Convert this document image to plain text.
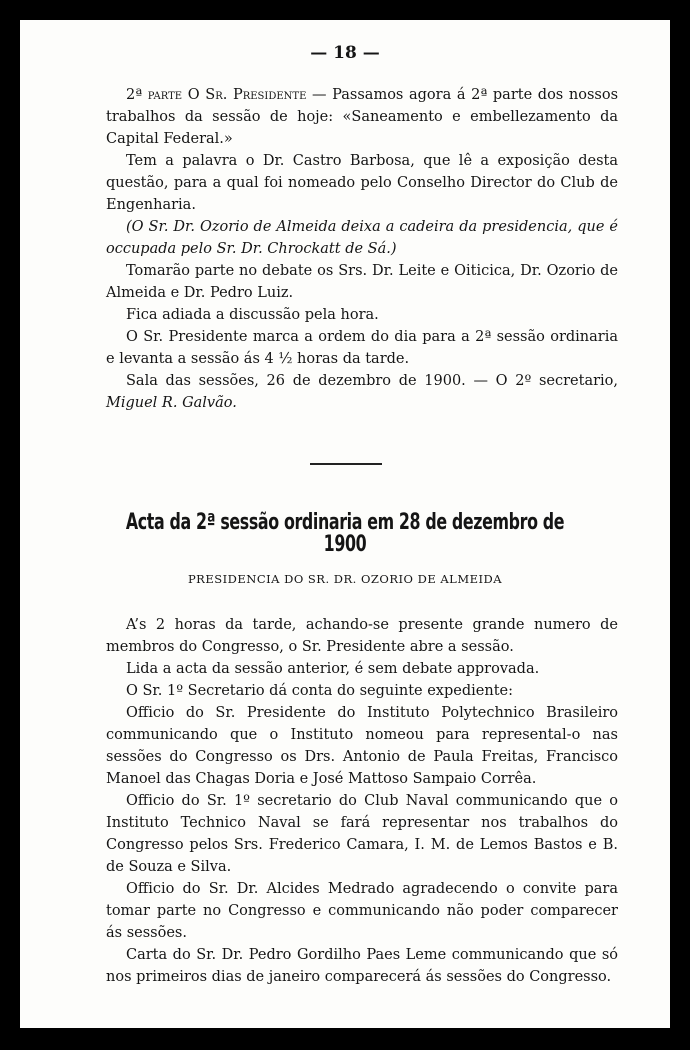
— 18 —

2ª parte O Sr. Presidente — Passamos agora á 2ª parte dos nossos trabalhos da sessão de hoje: «Saneamento e embellezamento da Capital Federal.»

Tem a palavra o Dr. Castro Barbosa, que lê a exposição desta questão, para a qual foi nomeado pelo Conselho Director do Club de Engenharia.

(O Sr. Dr. Ozorio de Almeida deixa a cadeira da presidencia, que é occupada pelo Sr. Dr. Chrockatt de Sá.)

Tomarão parte no debate os Srs. Dr. Leite e Oiticica, Dr. Ozorio de Almeida e Dr. Pedro Luiz.

Fica adiada a discussão pela hora.

O Sr. Presidente marca a ordem do dia para a 2ª sessão ordinaria e levanta a sessão ás 4 ½ horas da tarde.

Sala das sessões, 26 de dezembro de 1900. — O 2º secretario, Miguel R. Galvão.

Acta da 2ª sessão ordinaria em 28 de dezembro de 1900
PRESIDENCIA DO SR. DR. OZORIO DE ALMEIDA

A’s 2 horas da tarde, achando-se presente grande numero de membros do Congresso, o Sr. Presidente abre a sessão.

Lida a acta da sessão anterior, é sem debate approvada.

O Sr. 1º Secretario dá conta do seguinte expediente:

Officio do Sr. Presidente do Instituto Polytechnico Brasileiro communicando que o Instituto nomeou para represental-o nas sessões do Congresso os Drs. Antonio de Paula Freitas, Francisco Manoel das Chagas Doria e José Mattoso Sampaio Corrêa.

Officio do Sr. 1º secretario do Club Naval communicando que o Instituto Technico Naval se fará representar nos trabalhos do Congresso pelos Srs. Frederico Camara, I. M. de Lemos Bastos e B. de Souza e Silva.

Officio do Sr. Dr. Alcides Medrado agradecendo o convite para tomar parte no Congresso e communicando não poder comparecer ás sessões.

Carta do Sr. Dr. Pedro Gordilho Paes Leme communicando que só nos primeiros dias de janeiro comparecerá ás sessões do Congresso.
